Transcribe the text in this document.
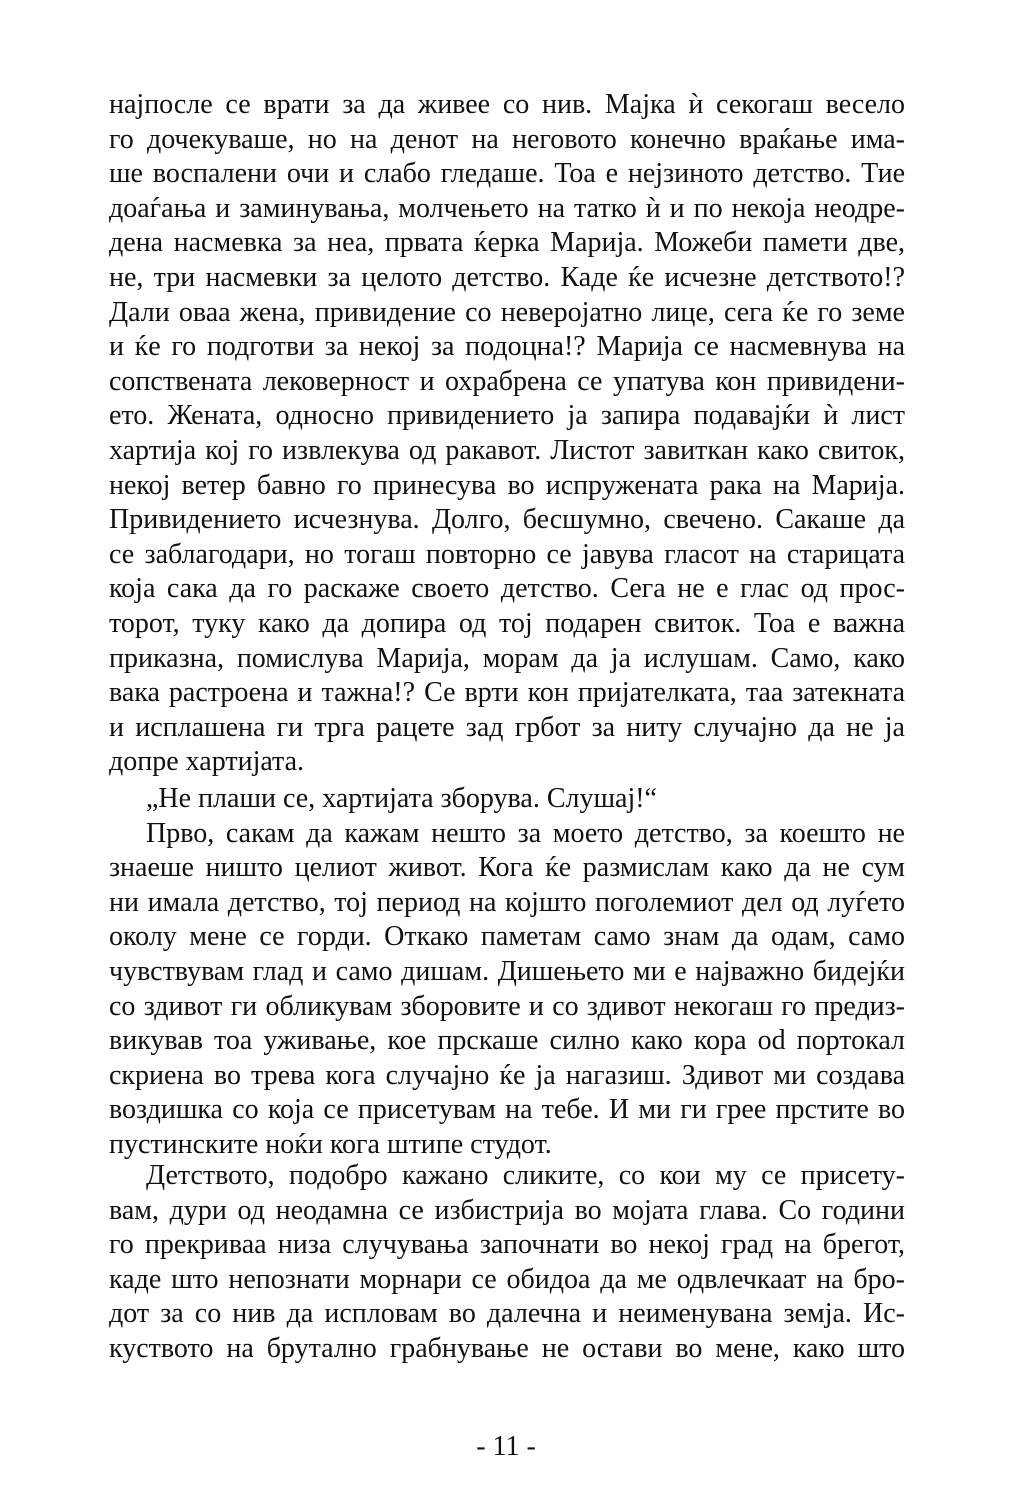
најпосле се врати за да живее со нив. Мајка ѝ секогаш весело
го дочекуваше, но на денот на неговото конечно враќање има-
ше воспалени очи и слабо гледаше. Тоа е нејзиното детство. Тие
доаѓања и заминувања, молчењето на татко ѝ и по некоја неодре-
дена насмевка за неа, првата ќерка Марија. Можеби памети две,
не, три насмевки за целото детство. Каде ќе исчезне детството!?
Дали оваа жена, привидение со неверојатно лице, сега ќе го земе
и ќе го подготви за некој за подоцна!? Марија се насмевнува на
сопствената лековерност и охрабрена се упатува кон привидени-
ето. Жената, односно привидението ја запира подавајќи ѝ лист
хартија кој го извлекува од ракавот. Листот завиткан како свиток,
некој ветер бавно го принесува во испружената рака на Марија.
Привидението исчезнува. Долго, бесшумно, свечено. Сакаше да
се заблагодари, но тогаш повторно се јавува гласот на старицата
која сака да го раскаже своето детство. Сега не е глас од прос-
торот, туку како да допира од тој подарен свиток. Тоа е важна
приказна, помислува Марија, морам да ја ислушам. Само, како
вака растроена и тажна!? Се врти кон пријателката, таа затекната
и исплашена ги трга рацете зад грбот за ниту случајно да не ја
допре хартијата.
„Не плаши се, хартијата зборува. Слушај!“
Прво, сакам да кажам нешто за моето детство, за коешто не
знаеше ништо целиот живот. Кога ќе размислам како да не сум
ни имала детство, тој период на којшто поголемиот дел од луѓето
околу мене се горди. Откако паметам само знам да одам, само
чувствувам глад и само дишам. Дишењето ми е најважно бидејќи
со здивот ги обликувам зборовите и со здивот некогаш го предиз-
викував тоа уживање, кое прскаше силно како кора оd портокал
скриена во трева кога случајно ќе ја нагазиш. Здивот ми создава
воздишка со која се присетувам на тебе. И ми ги грее прстите во
пустинските ноќи кога штипе студот.
Детството, подобро кажано сликите, со кои му се присету-
вам, дури од неодамна се избистрија во мојата глава. Со години
го прекриваа низа случувања започнати во некој град на брегот,
каде што непознати морнари се обидоа да ме одвлечкаат на бро-
дот за со нив да испловам во далечна и неименувана земја. Ис-
куството на брутално грабнување не остави во мене, како што
- 11 -
